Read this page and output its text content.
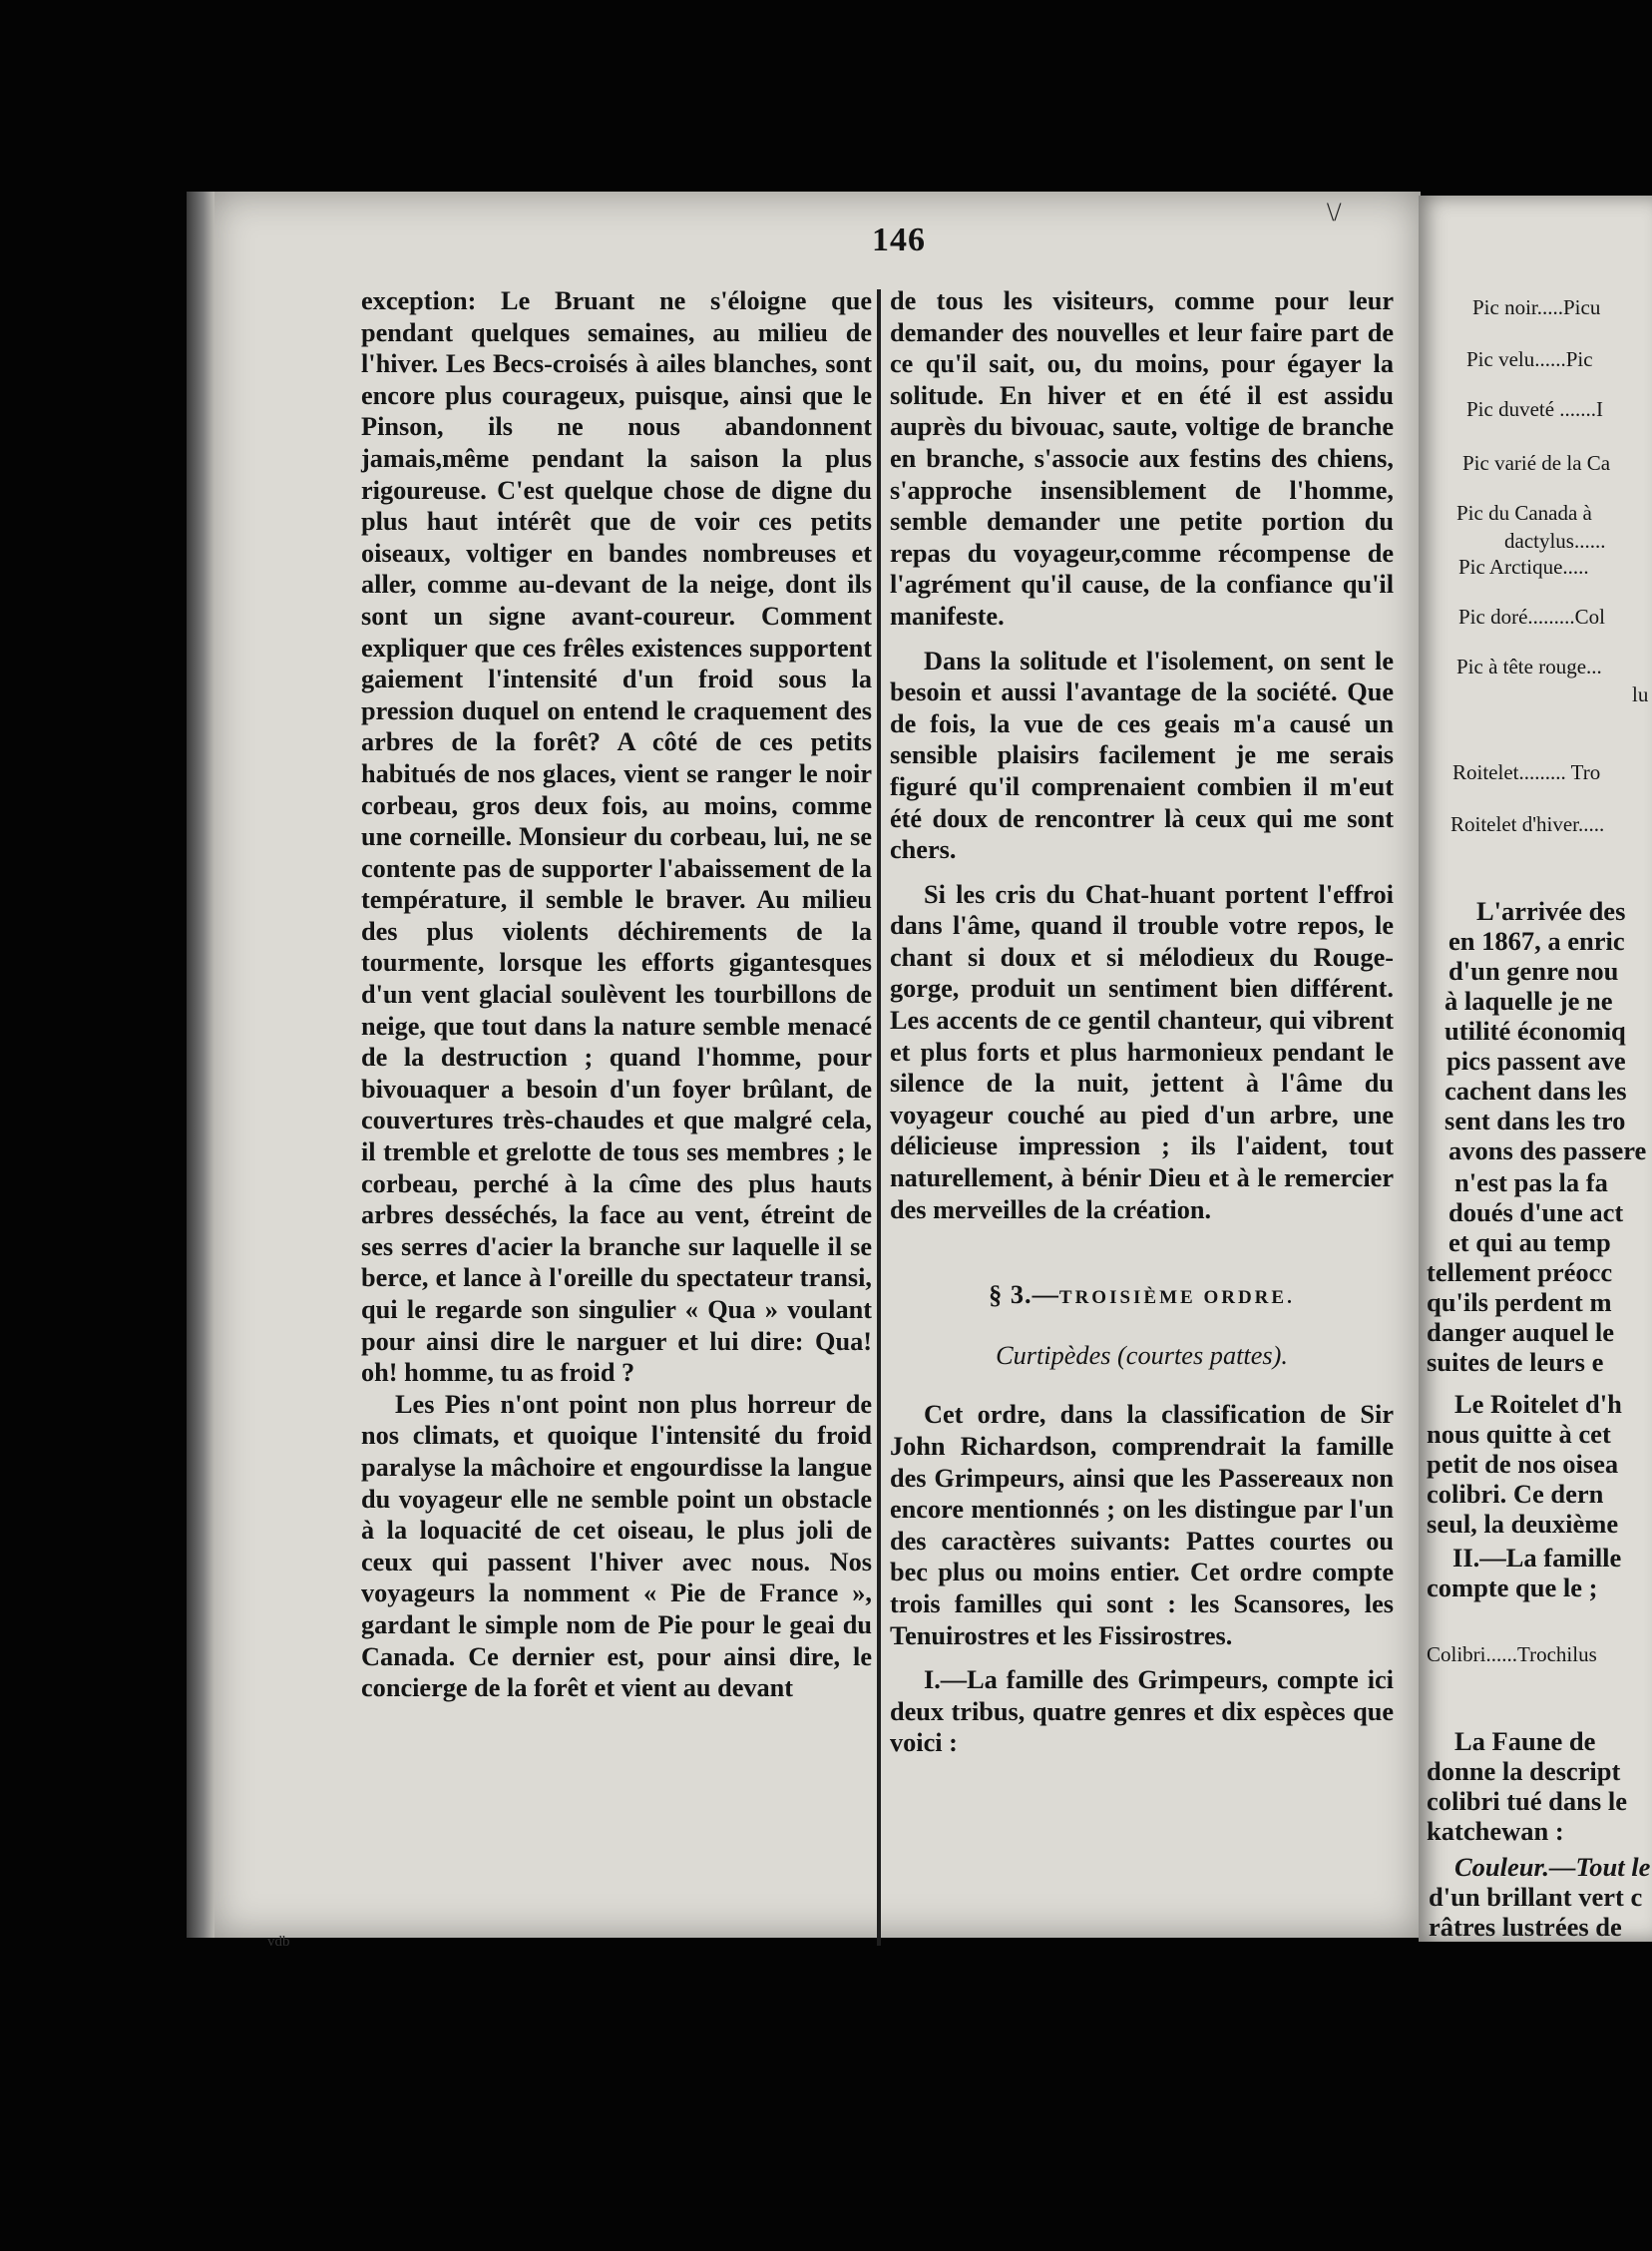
146
\/

exception: Le Bruant ne s'éloigne que pendant quelques semaines, au milieu de l'hiver. Les Becs-croisés à ailes blanches, sont encore plus courageux, puisque, ainsi que le Pinson, ils ne nous abandonnent jamais,même pendant la saison la plus rigoureuse. C'est quelque chose de digne du plus haut intérêt que de voir ces petits oiseaux, voltiger en bandes nombreuses et aller, comme au-devant de la neige, dont ils sont un signe avant-coureur. Comment expliquer que ces frêles existences supportent gaiement l'intensité d'un froid sous la pression duquel on entend le craquement des arbres de la forêt? A côté de ces petits habitués de nos glaces, vient se ranger le noir corbeau, gros deux fois, au moins, comme une corneille. Monsieur du corbeau, lui, ne se contente pas de supporter l'abaissement de la température, il semble le braver. Au milieu des plus violents déchirements de la tourmente, lorsque les efforts gigantesques d'un vent glacial soulèvent les tourbillons de neige, que tout dans la nature semble menacé de la destruction ; quand l'homme, pour bivouaquer a besoin d'un foyer brûlant, de couvertures très-chaudes et que malgré cela, il tremble et grelotte de tous ses membres ; le corbeau, perché à la cîme des plus hauts arbres desséchés, la face au vent, étreint de ses serres d'acier la branche sur laquelle il se berce, et lance à l'oreille du spectateur transi, qui le regarde son singulier « Qua » voulant pour ainsi dire le narguer et lui dire: Qua! oh! homme, tu as froid ?

Les Pies n'ont point non plus horreur de nos climats, et quoique l'intensité du froid paralyse la mâchoire et engourdisse la langue du voyageur elle ne semble point un obstacle à la loquacité de cet oiseau, le plus joli de ceux qui passent l'hiver avec nous. Nos voyageurs la nomment « Pie de France », gardant le simple nom de Pie pour le geai du Canada. Ce dernier est, pour ainsi dire, le concierge de la forêt et vient au devant

de tous les visiteurs, comme pour leur demander des nouvelles et leur faire part de ce qu'il sait, ou, du moins, pour égayer la solitude. En hiver et en été il est assidu auprès du bivouac, saute, voltige de branche en branche, s'associe aux festins des chiens, s'approche insensiblement de l'homme, semble demander une petite portion du repas du voyageur,comme récompense de l'agrément qu'il cause, de la confiance qu'il manifeste.

Dans la solitude et l'isolement, on sent le besoin et aussi l'avantage de la société. Que de fois, la vue de ces geais m'a causé un sensible plaisirs facilement je me serais figuré qu'il comprenaient combien il m'eut été doux de rencontrer là ceux qui me sont chers.

Si les cris du Chat-huant portent l'effroi dans l'âme, quand il trouble votre repos, le chant si doux et si mélodieux du Rouge-gorge, produit un sentiment bien différent. Les accents de ce gentil chanteur, qui vibrent et plus forts et plus harmonieux pendant le silence de la nuit, jettent à l'âme du voyageur couché au pied d'un arbre, une délicieuse impression ; ils l'aident, tout naturellement, à bénir Dieu et à le remercier des merveilles de la création.

§ 3.—TROISIÈME ORDRE.

Curtipèdes (courtes pattes).

Cet ordre, dans la classification de Sir John Richardson, comprendrait la famille des Grimpeurs, ainsi que les Passereaux non encore mentionnés ; on les distingue par l'un des caractères suivants: Pattes courtes ou bec plus ou moins entier. Cet ordre compte trois familles qui sont : les Scansores, les Tenuirostres et les Fissirostres.

I.—La famille des Grimpeurs, compte ici deux tribus, quatre genres et dix espèces que voici :

Pic noir.....Picu
Pic velu......Pic
Pic duveté .......I
Pic varié de la Ca
Pic du Canada à
dactylus......
Pic Arctique.....
Pic doré.........Col
Pic à tête rouge...
lu
Roitelet......... Tro
Roitelet d'hiver.....
L'arrivée des
en 1867, a enric
d'un genre nou
à laquelle je ne
utilité économiq
pics passent ave
cachent dans les
sent dans les tro
avons des passere
n'est pas la fa
doués d'une act
et qui au temp
tellement préocc
qu'ils perdent m
danger auquel le
suites de leurs e
Le Roitelet d'h
nous quitte à cet
petit de nos oisea
colibri. Ce dern
seul, la deuxième
II.—La famille
compte que le ;
Colibri......Trochilus
La Faune de
donne la descript
colibri tué dans le
katchewan :
Couleur.—Tout le
d'un brillant vert c
râtres lustrées de
vdb
